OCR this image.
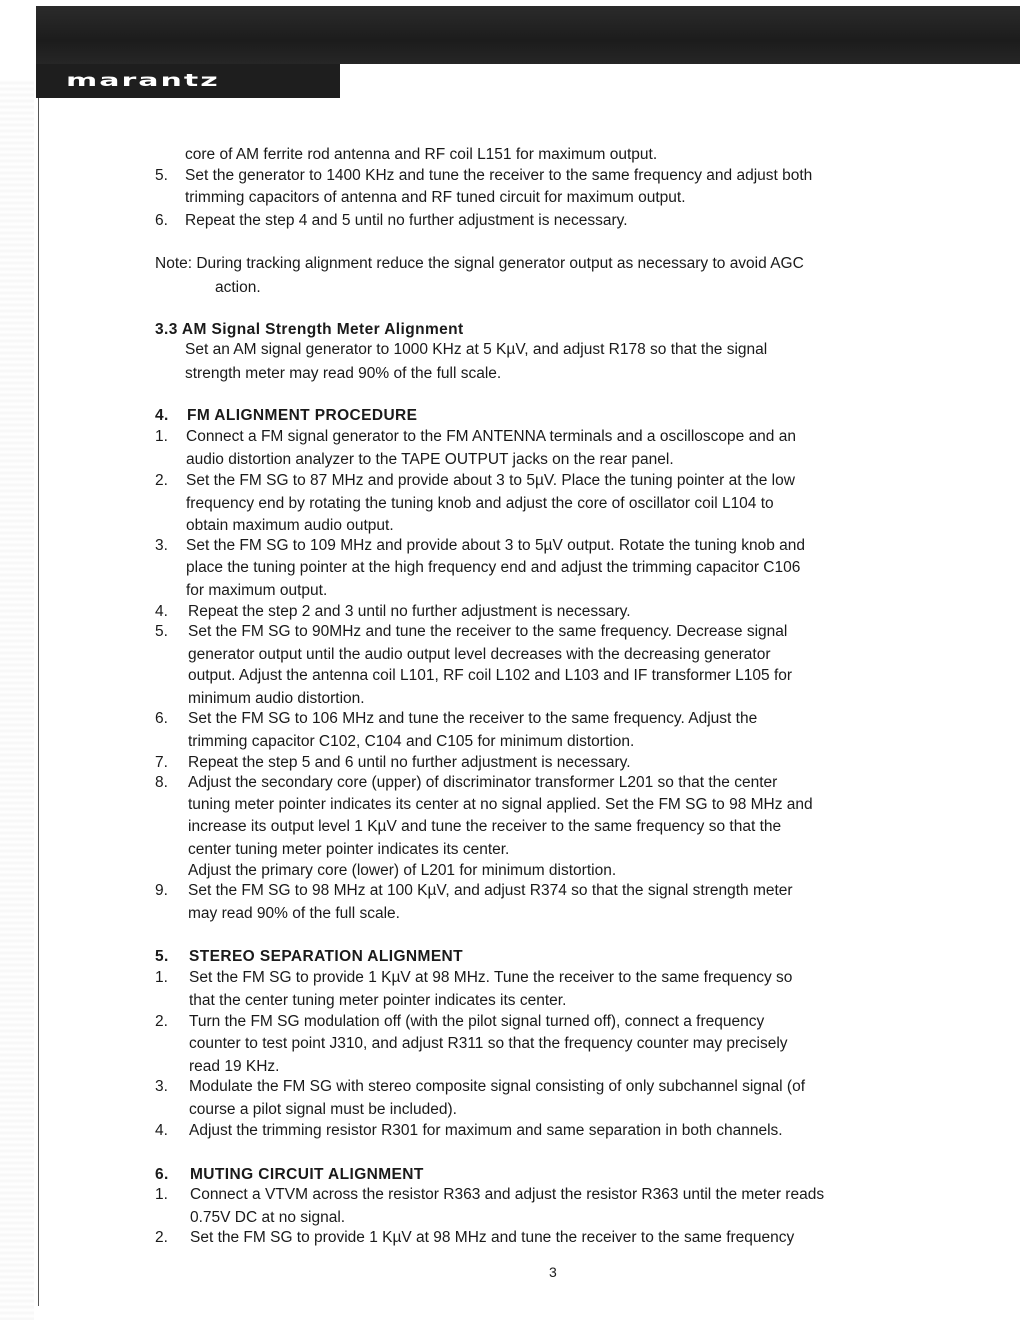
marantz
core of AM ferrite rod antenna and RF coil L151 for maximum output.
5. Set the generator to 1400 KHz and tune the receiver to the same frequency and adjust both
trimming capacitors of antenna and RF tuned circuit for maximum output.
6. Repeat the step 4 and 5 until no further adjustment is necessary.
Note: During tracking alignment reduce the signal generator output as necessary to avoid AGC
action.
3.3 AM Signal Strength Meter Alignment
Set an AM signal generator to 1000 KHz at 5 KµV, and adjust R178 so that the signal
strength meter may read 90% of the full scale.
4. FM ALIGNMENT PROCEDURE
1. Connect a FM signal generator to the FM ANTENNA terminals and a oscilloscope and an
audio distortion analyzer to the TAPE OUTPUT jacks on the rear panel.
2. Set the FM SG to 87 MHz and provide about 3 to 5µV. Place the tuning pointer at the low
frequency end by rotating the tuning knob and adjust the core of oscillator coil L104 to
obtain maximum audio output.
3. Set the FM SG to 109 MHz and provide about 3 to 5µV output. Rotate the tuning knob and
place the tuning pointer at the high frequency end and adjust the trimming capacitor C106
for maximum output.
4. Repeat the step 2 and 3 until no further adjustment is necessary.
5. Set the FM SG to 90MHz and tune the receiver to the same frequency. Decrease signal
generator output until the audio output level decreases with the decreasing generator
output. Adjust the antenna coil L101, RF coil L102 and L103 and IF transformer L105 for
minimum audio distortion.
6. Set the FM SG to 106 MHz and tune the receiver to the same frequency. Adjust the
trimming capacitor C102, C104 and C105 for minimum distortion.
7. Repeat the step 5 and 6 until no further adjustment is necessary.
8. Adjust the secondary core (upper) of discriminator transformer L201 so that the center
tuning meter pointer indicates its center at no signal applied. Set the FM SG to 98 MHz and
increase its output level 1 KµV and tune the receiver to the same frequency so that the
center tuning meter pointer indicates its center.
Adjust the primary core (lower) of L201 for minimum distortion.
9. Set the FM SG to 98 MHz at 100 KµV, and adjust R374 so that the signal strength meter
may read 90% of the full scale.
5. STEREO SEPARATION ALIGNMENT
1. Set the FM SG to provide 1 KµV at 98 MHz. Tune the receiver to the same frequency so
that the center tuning meter pointer indicates its center.
2. Turn the FM SG modulation off (with the pilot signal turned off), connect a frequency
counter to test point J310, and adjust R311 so that the frequency counter may precisely
read 19 KHz.
3. Modulate the FM SG with stereo composite signal consisting of only subchannel signal (of
course a pilot signal must be included).
4. Adjust the trimming resistor R301 for maximum and same separation in both channels.
6. MUTING CIRCUIT ALIGNMENT
1. Connect a VTVM across the resistor R363 and adjust the resistor R363 until the meter reads
0.75V DC at no signal.
2. Set the FM SG to provide 1 KµV at 98 MHz and tune the receiver to the same frequency
3
